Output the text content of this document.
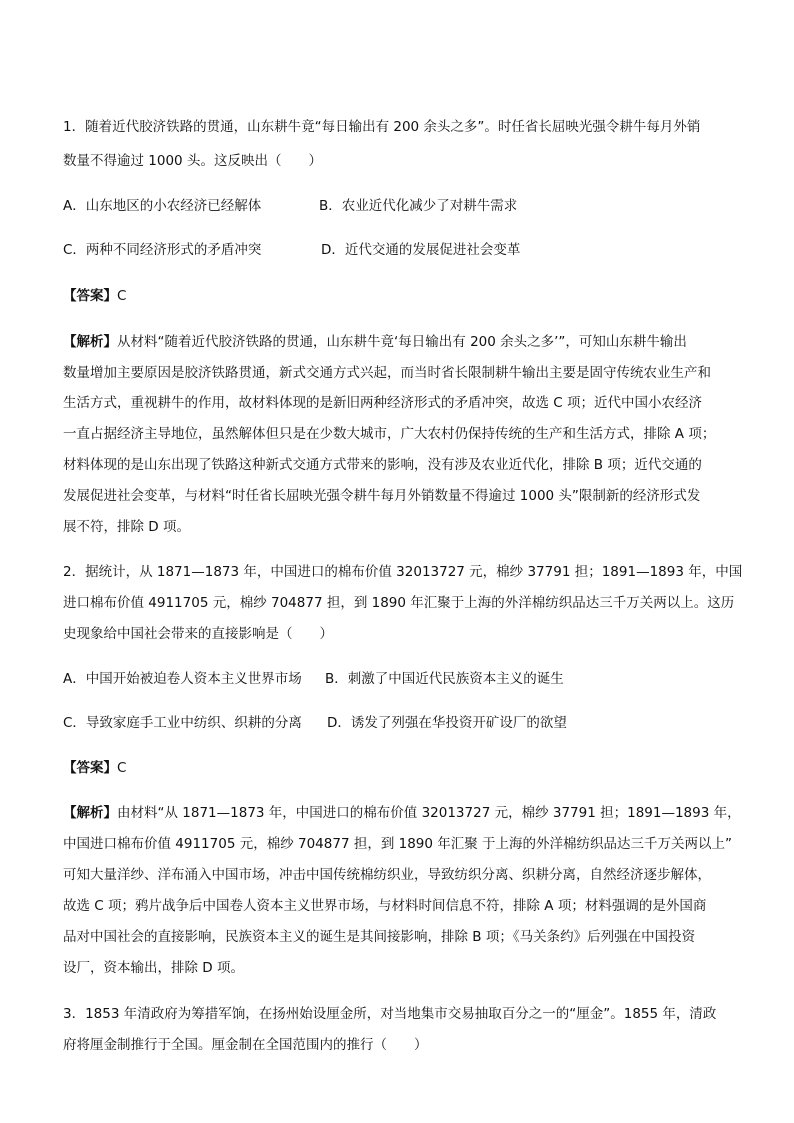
1．随着近代胶济铁路的贯通，山东耕牛竟“每日输出有 200 余头之多”。时任省长屈映光强令耕牛每月外销
数量不得逾过 1000 头。这反映出（　　）
A．山东地区的小农经济已经解体	B．农业近代化减少了对耕牛需求
C．两种不同经济形式的矛盾冲突	D．近代交通的发展促进社会变革
【答案】C
【解析】从材料“随着近代胶济铁路的贯通，山东耕牛竟‘每日输出有 200 余头之多’”，可知山东耕牛输出
数量增加主要原因是胶济铁路贯通，新式交通方式兴起，而当时省长限制耕牛输出主要是固守传统农业生产和
生活方式，重视耕牛的作用，故材料体现的是新旧两种经济形式的矛盾冲突，故选 C 项；近代中国小农经济
一直占据经济主导地位，虽然解体但只是在少数大城市，广大农村仍保持传统的生产和生活方式，排除 A 项；
材料体现的是山东出现了铁路这种新式交通方式带来的影响，没有涉及农业近代化，排除 B 项；近代交通的
发展促进社会变革，与材料“时任省长屈映光强令耕牛每月外销数量不得逾过 1000 头”限制新的经济形式发
展不符，排除 D 项。
2．据统计，从 1871—1873 年，中国进口的棉布价值 32013727 元，棉纱 37791 担；1891—1893 年，中国
进口棉布价值 4911705 元，棉纱 704877 担，到 1890 年汇聚于上海的外洋棉纺织品达三千万关两以上。这历
史现象给中国社会带来的直接影响是（　　）
A．中国开始被迫卷人资本主义世界市场 B．刺激了中国近代民族资本主义的诞生
C．导致家庭手工业中纺织、织耕的分离 D．诱发了列强在华投资开矿设厂的欲望
【答案】C
【解析】由材料“从 1871—1873 年，中国进口的棉布价值 32013727 元，棉纱 37791 担；1891—1893 年，
中国进口棉布价值 4911705 元，棉纱 704877 担，到 1890 年汇聚 于上海的外洋棉纺织品达三千万关两以上”
可知大量洋纱、洋布涌入中国市场，冲击中国传统棉纺织业，导致纺织分离、织耕分离，自然经济逐步解体，
故选 C 项；鸦片战争后中国卷人资本主义世界市场，与材料时间信息不符，排除 A 项；材料强调的是外国商
品对中国社会的直接影响，民族资本主义的诞生是其间接影响，排除 B 项；《马关条约》后列强在中国投资
设厂，资本输出，排除 D 项。
3．1853 年清政府为筹措军饷，在扬州始设厘金所，对当地集市交易抽取百分之一的“厘金”。1855 年，清政
府将厘金制推行于全国。厘金制在全国范围内的推行（　　）
